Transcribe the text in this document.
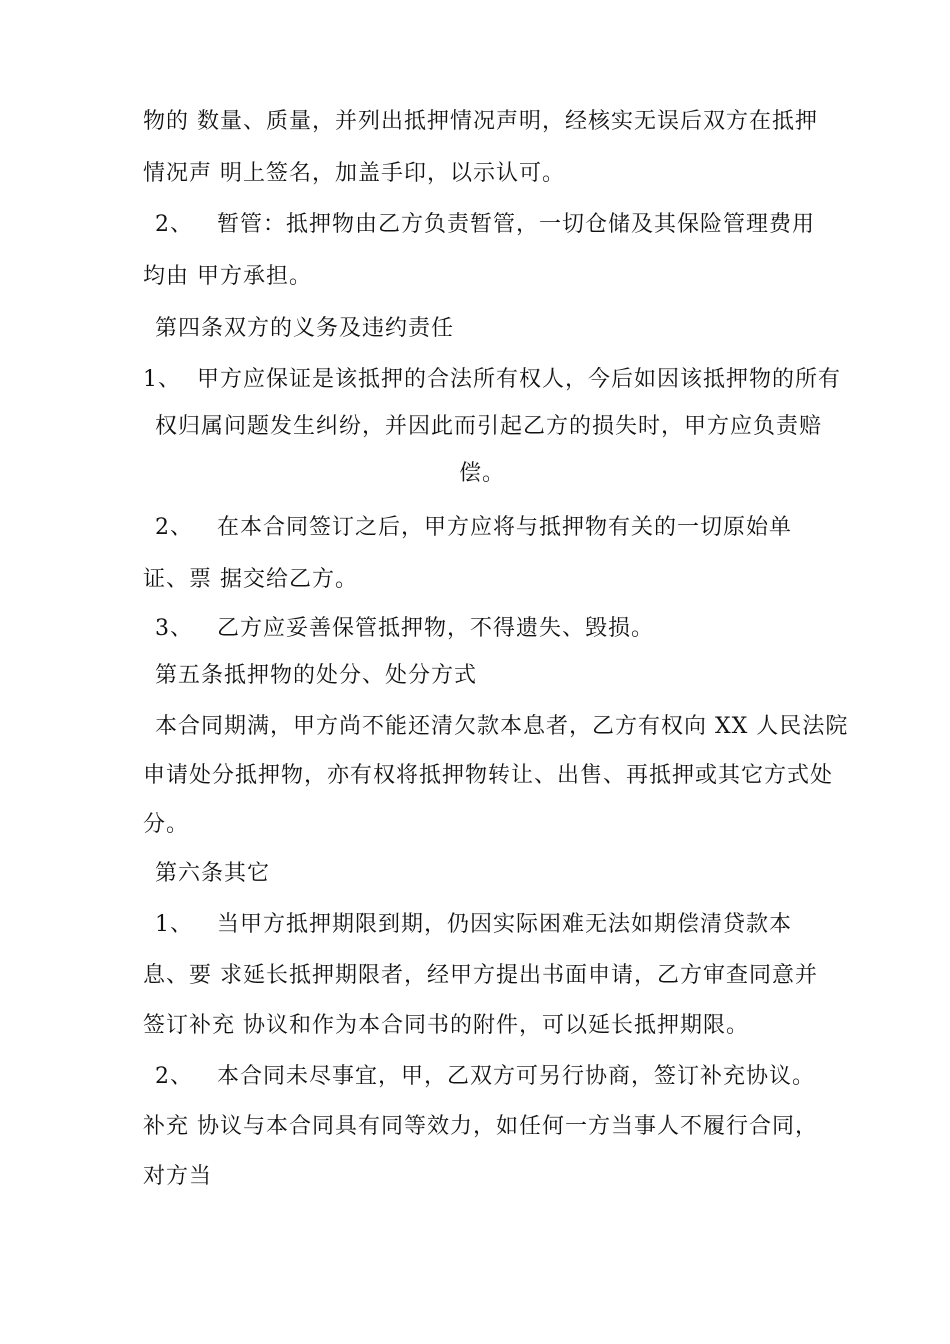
物的 数量、质量，并列出抵押情况声明，经核实无误后双方在抵押
情况声 明上签名，加盖手印，以示认可。
2、   暂管：抵押物由乙方负责暂管，一切仓储及其保险管理费用
均由 甲方承担。
第四条双方的义务及违约责任
1、  甲方应保证是该抵押的合法所有权人，今后如因该抵押物的所有
权归属问题发生纠纷，并因此而引起乙方的损失时，甲方应负责赔
偿。
2、   在本合同签订之后，甲方应将与抵押物有关的一切原始单
证、票 据交给乙方。
3、   乙方应妥善保管抵押物，不得遗失、毁损。
第五条抵押物的处分、处分方式
本合同期满，甲方尚不能还清欠款本息者，乙方有权向 XX 人民法院
申请处分抵押物，亦有权将抵押物转让、出售、再抵押或其它方式处
分。
第六条其它
1、   当甲方抵押期限到期，仍因实际困难无法如期偿清贷款本
息、要 求延长抵押期限者，经甲方提出书面申请，乙方审查同意并
签订补充 协议和作为本合同书的附件，可以延长抵押期限。
2、   本合同未尽事宜，甲，乙双方可另行协商，签订补充协议。
补充 协议与本合同具有同等效力，如任何一方当事人不履行合同，
对方当
